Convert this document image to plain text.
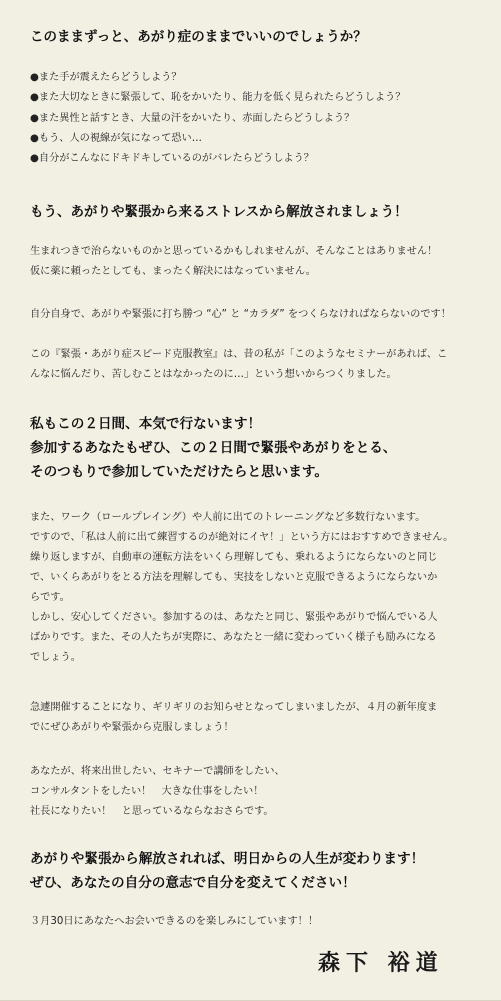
このままずっと、あがり症のままでいいのでしょうか？
●また手が震えたらどうしよう？
●また大切なときに緊張して、恥をかいたり、能力を低く見られたらどうしよう？
●また異性と話すとき、大量の汗をかいたり、赤面したらどうしよう？
●もう、人の視線が気になって恐い…
●自分がこんなにドキドキしているのがバレたらどうしよう？
もう、あがりや緊張から来るストレスから解放されましょう！

生まれつきで治らないものかと思っているかもしれませんが、そんなことはありません！

仮に薬に頼ったとしても、まったく解決にはなっていません。

自分自身で、あがりや緊張に打ち勝つ “心” と “カラダ” をつくらなければならないのです！

この『緊張・あがり症スピード克服教室』は、昔の私が「このようなセミナーがあれば、こ

んなに悩んだり、苦しむことはなかったのに…」という想いからつくりました。

私もこの２日間、本気で行ないます！
参加するあなたもぜひ、この２日間で緊張やあがりをとる、
そのつもりで参加していただけたらと思います。

また、ワーク（ロールプレイング）や人前に出てのトレーニングなど多数行ないます。

ですので、「私は人前に出て練習するのが絶対にイヤ！」という方にはおすすめできません。

繰り返しますが、自動車の運転方法をいくら理解しても、乗れるようにならないのと同じ

で、いくらあがりをとる方法を理解しても、実技をしないと克服できるようにならないか

らです。

しかし、安心してください。参加するのは、あなたと同じ、緊張やあがりで悩んでいる人

ばかりです。また、その人たちが実際に、あなたと一緒に変わっていく様子も励みになる

でしょう。

急遽開催することになり、ギリギリのお知らせとなってしまいましたが、４月の新年度ま

でにぜひあがりや緊張から克服しましょう！

あなたが、将来出世したい、セキナーで講師をしたい、

コンサルタントをしたい！　大きな仕事をしたい！

社長になりたい！　と思っているならなおさらです。

あがりや緊張から解放されれば、明日からの人生が変わります！
ぜひ、あなたの自分の意志で自分を変えてください！

３月30日にあなたへお会いできるのを楽しみにしています！！

森下 裕道
